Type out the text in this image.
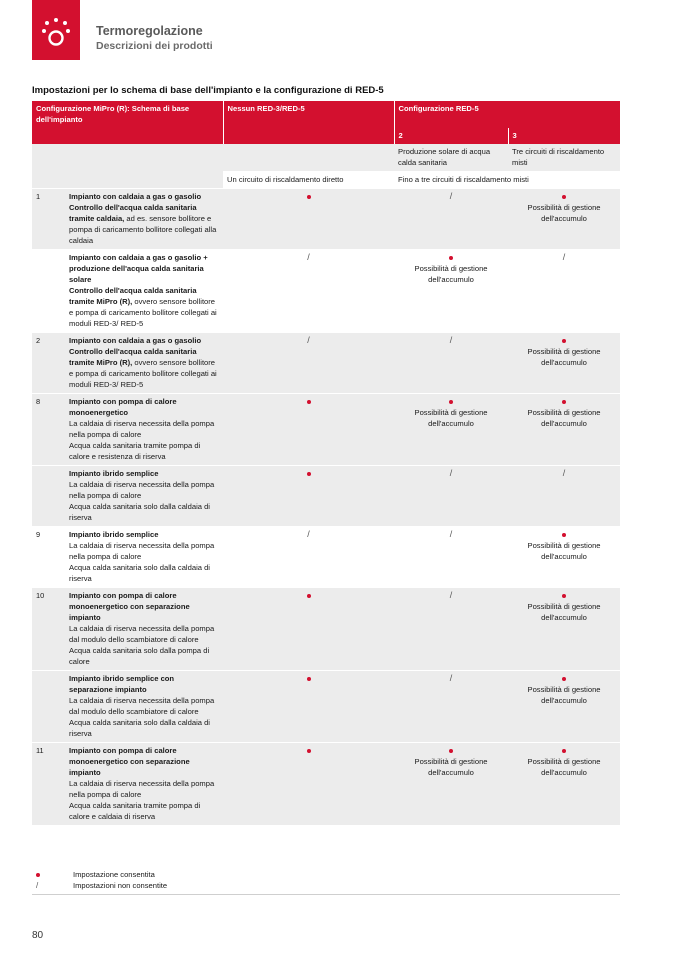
Termoregolazione
Descrizioni dei prodotti
Impostazioni per lo schema di base dell'impianto e la configurazione di RED-5
Configurazione MiPro (R): Schema di base dell'impianto		Nessun RED-3/RED-5	Configurazione RED-5	
			2	3
			Produzione solare di acqua calda sanitaria	Tre circuiti di riscaldamento misti
		Un circuito di riscaldamento diretto	Fino a tre circuiti di riscaldamento misti	
1	Impianto con caldaia a gas o gasolio
Controllo dell'acqua calda sanitaria tramite caldaia, ad es. sensore bollitore e pompa di caricamento bollitore collegati alla caldaia		/	Possibilità di gestione dell'accumulo
	Impianto con caldaia a gas o gasolio + produzione dell'acqua calda sanitaria solare
Controllo dell'acqua calda sanitaria tramite MiPro (R), ovvero sensore bollitore e pompa di caricamento bollitore collegati ai moduli RED-3/ RED-5	/	Possibilità di gestione dell'accumulo	/
2	Impianto con caldaia a gas o gasolio
Controllo dell'acqua calda sanitaria tramite MiPro (R), ovvero sensore bollitore e pompa di caricamento bollitore collegati ai moduli RED-3/ RED-5	/	/	Possibilità di gestione dell'accumulo
8	Impianto con pompa di calore monoenergetico
La caldaia di riserva necessita della pompa nella pompa di calore
Acqua calda sanitaria tramite pompa di calore e resistenza di riserva		Possibilità di gestione dell'accumulo	Possibilità di gestione dell'accumulo
	Impianto ibrido semplice
La caldaia di riserva necessita della pompa nella pompa di calore
Acqua calda sanitaria solo dalla caldaia di riserva		/	/
9	Impianto ibrido semplice
La caldaia di riserva necessita della pompa nella pompa di calore
Acqua calda sanitaria solo dalla caldaia di riserva	/	/	Possibilità di gestione dell'accumulo
10	Impianto con pompa di calore monoenergetico con separazione impianto
La caldaia di riserva necessita della pompa dal modulo dello scambiatore di calore
Acqua calda sanitaria solo dalla pompa di calore		/	Possibilità di gestione dell'accumulo
	Impianto ibrido semplice con separazione impianto
La caldaia di riserva necessita della pompa dal modulo dello scambiatore di calore
Acqua calda sanitaria solo dalla caldaia di riserva		/	Possibilità di gestione dell'accumulo
11	Impianto con pompa di calore monoenergetico con separazione impianto
La caldaia di riserva necessita della pompa nella pompa di calore
Acqua calda sanitaria tramite pompa di calore e caldaia di riserva		Possibilità di gestione dell'accumulo	Possibilità di gestione dell'accumulo
Impostazione consentita
/	Impostazioni non consentite
80
